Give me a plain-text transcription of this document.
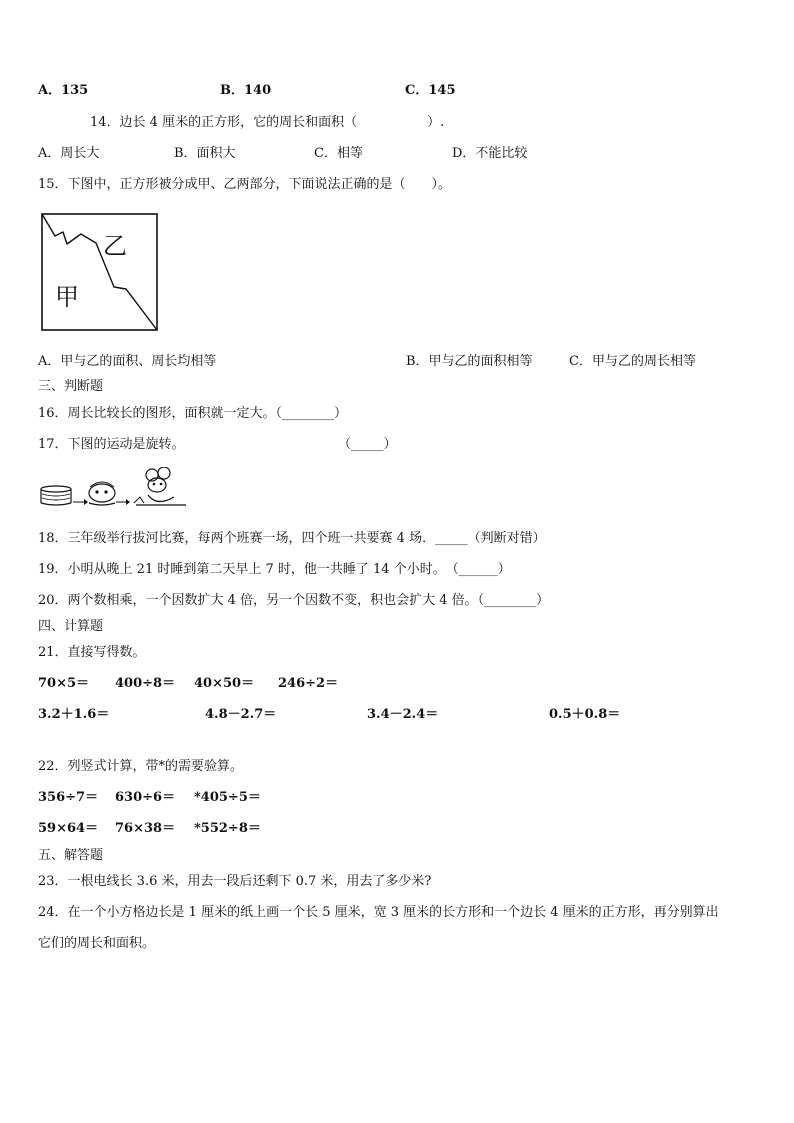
A．135	B．140	C．145
14．边长 4 厘米的正方形，它的周长和面积（	）.
A．周长大	B．面积大	C．相等	D．不能比较
15．下图中，正方形被分成甲、乙两部分，下面说法正确的是（　　）。
乙
甲
A．甲与乙的面积、周长均相等	B．甲与乙的面积相等	C．甲与乙的周长相等
三、判断题
16．周长比较长的图形，面积就一定大。（________）
17．下图的运动是旋转。	（_____）
18．三年级举行拔河比赛，每两个班赛一场，四个班一共要赛 4 场．_____（判断对错）
19．小明从晚上 21 时睡到第二天早上 7 时，他一共睡了 14 个小时。　（______）
20．两个数相乘，一个因数扩大 4 倍，另一个因数不变，积也会扩大 4 倍。（________）
四、计算题
21．直接写得数。
70×5＝ 400÷8＝ 40×50＝ 246÷2＝
3.2＋1.6＝	4.8－2.7＝	3.4－2.4＝	0.5＋0.8＝
22．列竖式计算，带*的需要验算。
356÷7＝ 630÷6＝ *405÷5＝
59×64＝ 76×38＝ *552÷8＝
五、解答题
23．一根电线长 3.6 米，用去一段后还剩下 0.7 米，用去了多少米?
24．在一个小方格边长是 1 厘米的纸上画一个长 5 厘米，宽 3 厘米的长方形和一个边长 4 厘米的正方形，再分别算出
它们的周长和面积。
